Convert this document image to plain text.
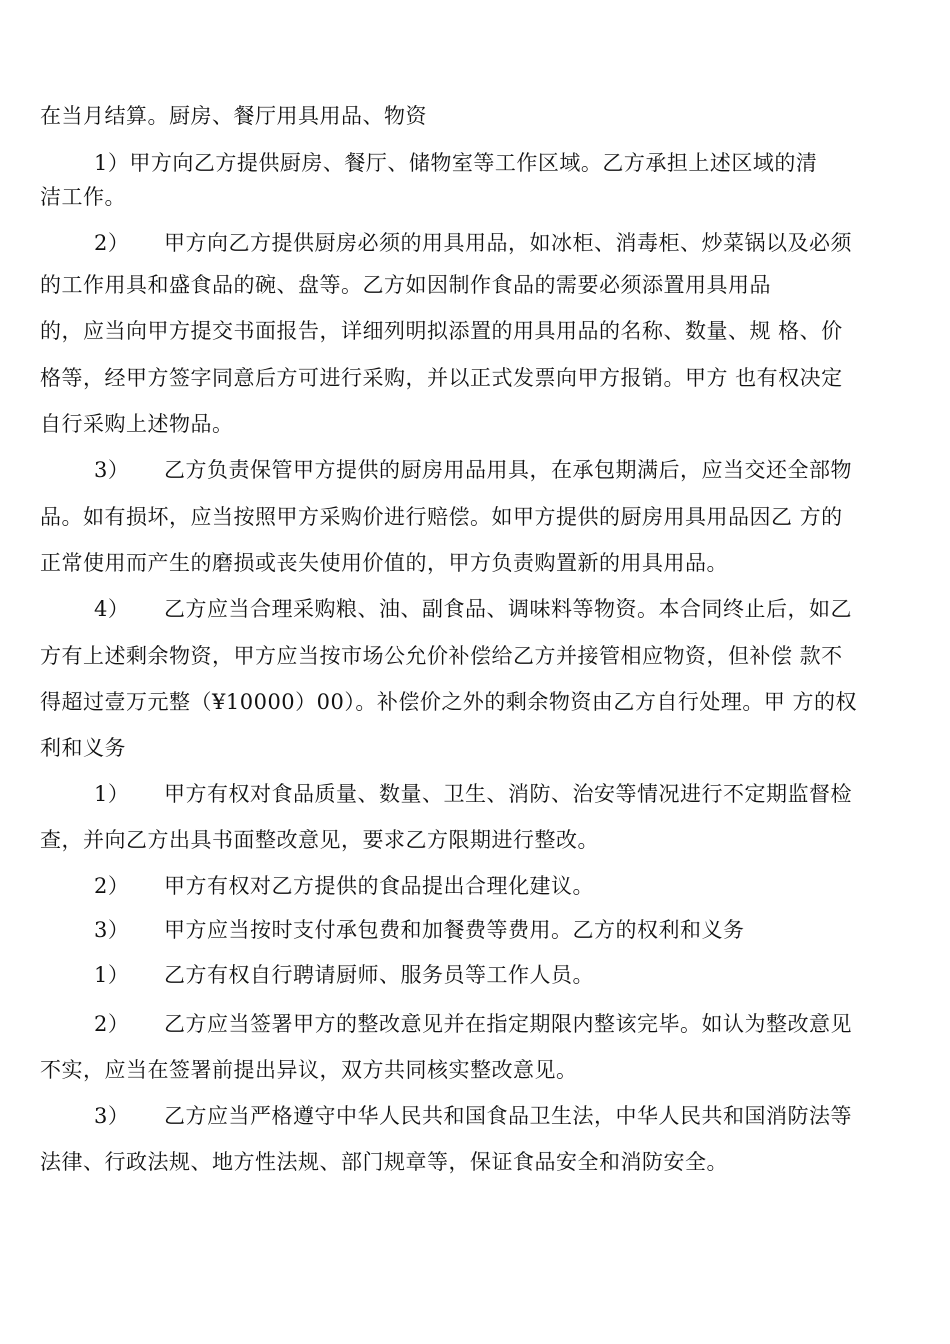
在当月结算。厨房、餐厅用具用品、物资
1）甲方向乙方提供厨房、餐厅、储物室等工作区域。乙方承担上述区域的清
洁工作。
2） 甲方向乙方提供厨房必须的用具用品，如冰柜、消毒柜、炒菜锅以及必须
的工作用具和盛食品的碗、盘等。乙方如因制作食品的需要必须添置用具用品
的，应当向甲方提交书面报告，详细列明拟添置的用具用品的名称、数量、规 格、价
格等，经甲方签字同意后方可进行采购，并以正式发票向甲方报销。甲方 也有权决定
自行采购上述物品。
3） 乙方负责保管甲方提供的厨房用品用具，在承包期满后，应当交还全部物
品。如有损坏，应当按照甲方采购价进行赔偿。如甲方提供的厨房用具用品因乙 方的
正常使用而产生的磨损或丧失使用价值的，甲方负责购置新的用具用品。
4） 乙方应当合理采购粮、油、副食品、调味料等物资。本合同终止后，如乙
方有上述剩余物资，甲方应当按市场公允价补偿给乙方并接管相应物资，但补偿 款不
得超过壹万元整（¥10000）00）。补偿价之外的剩余物资由乙方自行处理。甲 方的权
利和义务
1） 甲方有权对食品质量、数量、卫生、消防、治安等情况进行不定期监督检
查，并向乙方出具书面整改意见，要求乙方限期进行整改。
2） 甲方有权对乙方提供的食品提出合理化建议。
3） 甲方应当按时支付承包费和加餐费等费用。乙方的权利和义务
1） 乙方有权自行聘请厨师、服务员等工作人员。
2） 乙方应当签署甲方的整改意见并在指定期限内整该完毕。如认为整改意见
不实，应当在签署前提出异议，双方共同核实整改意见。
3） 乙方应当严格遵守中华人民共和国食品卫生法，中华人民共和国消防法等
法律、行政法规、地方性法规、部门规章等，保证食品安全和消防安全。
